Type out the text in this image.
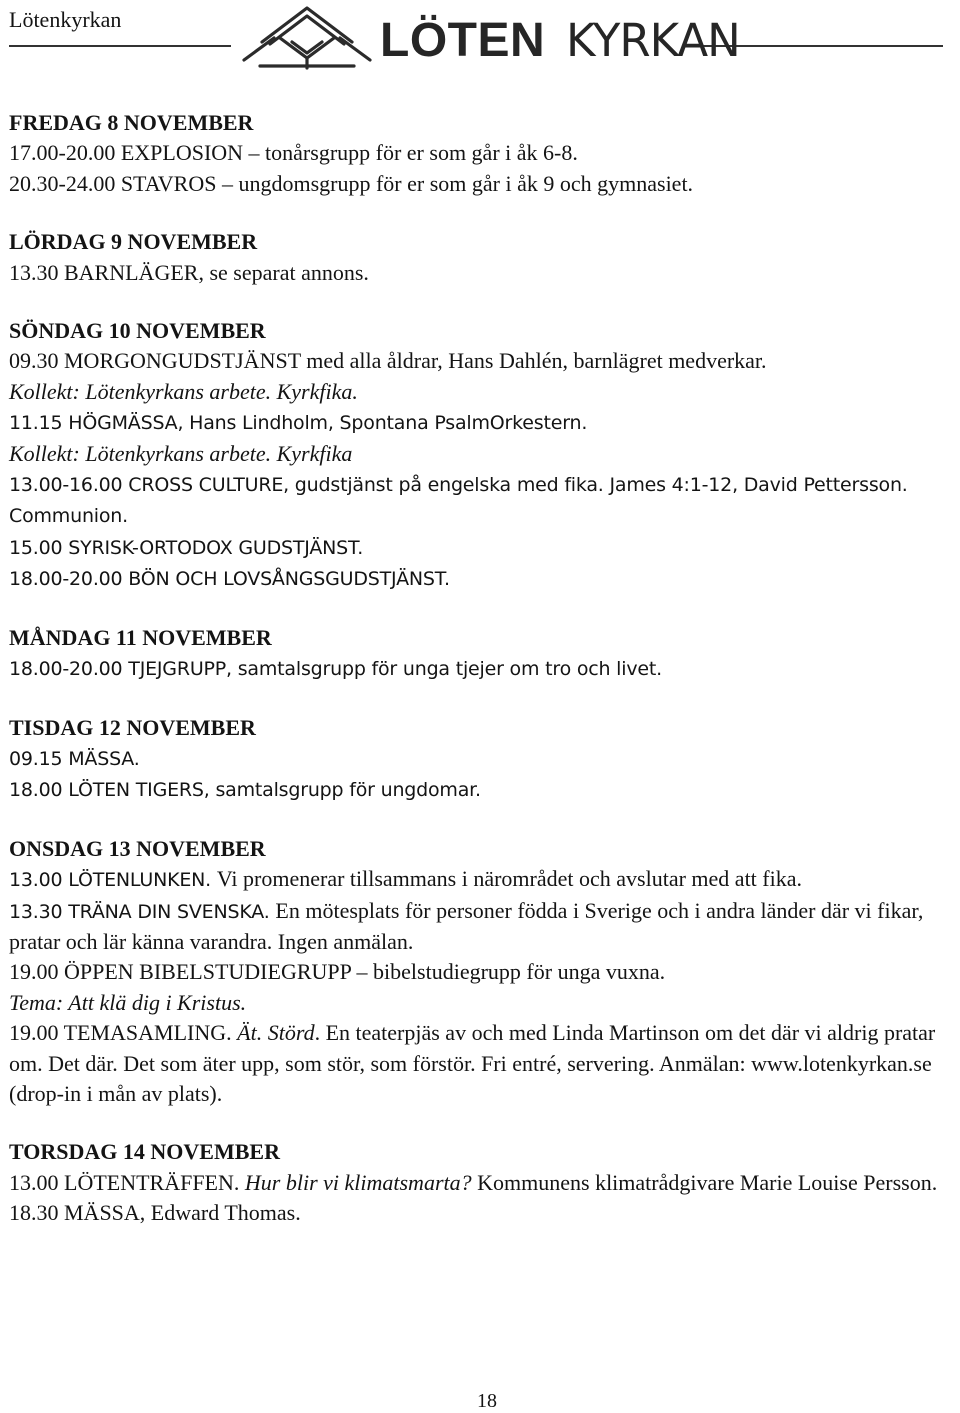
Lötenkyrkan	LÖTEN KYRKAN
FREDAG 8 NOVEMBER
17.00-20.00 EXPLOSION – tonårsgrupp för er som går i åk 6-8.
20.30-24.00 STAVROS – ungdomsgrupp för er som går i åk 9 och gymnasiet.
LÖRDAG 9 NOVEMBER
13.30 BARNLÄGER, se separat annons.
SÖNDAG 10 NOVEMBER
09.30 MORGONGUDSTJÄNST med alla åldrar, Hans Dahlén, barnlägret medverkar.
Kollekt: Lötenkyrkans arbete. Kyrkfika.
11.15 HÖGMÄSSA, Hans Lindholm, Spontana PsalmOrkestern.
Kollekt: Lötenkyrkans arbete. Kyrkfika
13.00-16.00 CROSS CULTURE, gudstjänst på engelska med fika. James 4:1-12, David Pettersson. Communion.
15.00 SYRISK-ORTODOX GUDSTJÄNST.
18.00-20.00 BÖN OCH LOVSÅNGSGUDSTJÄNST.
MÅNDAG 11 NOVEMBER
18.00-20.00 TJEJGRUPP, samtalsgrupp för unga tjejer om tro och livet.
TISDAG 12 NOVEMBER
09.15 MÄSSA.
18.00 LÖTEN TIGERS, samtalsgrupp för ungdomar.
ONSDAG 13 NOVEMBER
13.00 LÖTENLUNKEN. Vi promenerar tillsammans i närområdet och avslutar med att fika.
13.30 TRÄNA DIN SVENSKA. En mötesplats för personer födda i Sverige och i andra länder där vi fikar, pratar och lär känna varandra. Ingen anmälan.
19.00 ÖPPEN BIBELSTUDIEGRUPP – bibelstudiegrupp för unga vuxna.
Tema: Att klä dig i Kristus.
19.00 TEMASAMLING. Ät. Störd. En teaterpjäs av och med Linda Martinson om det där vi aldrig pratar om. Det där. Det som äter upp, som stör, som förstör. Fri entré, servering. Anmälan: www.lotenkyrkan.se (drop-in i mån av plats).
TORSDAG 14 NOVEMBER
13.00 LÖTENTRÄFFEN. Hur blir vi klimatsmarta? Kommunens klimatrådgivare Marie Louise Persson.
18.30 MÄSSA, Edward Thomas.
18
